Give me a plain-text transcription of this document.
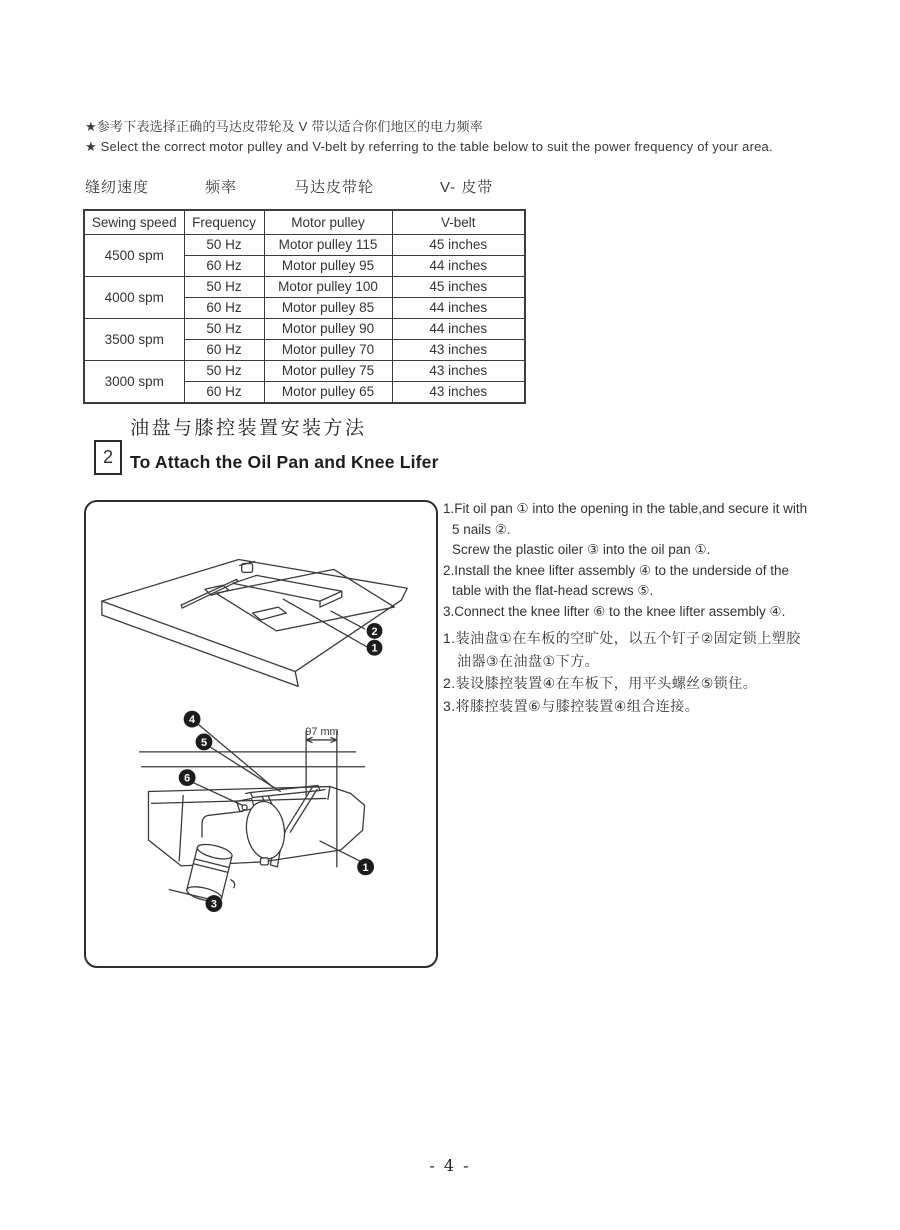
★参考下表选择正确的马达皮带轮及 V 带以适合你们地区的电力频率
★ Select the correct motor pulley and V-belt by referring to the table below to suit the power frequency of your area.
缝纫速度	频率	马达皮带轮	V- 皮带
Sewing speed	Frequency	Motor pulley	V-belt
4500 spm	50 Hz	Motor pulley 115	45 inches
	60 Hz	Motor pulley 95	44 inches
4000 spm	50 Hz	Motor pulley 100	45 inches
	60 Hz	Motor pulley 85	44 inches
3500 spm	50 Hz	Motor pulley 90	44 inches
	60 Hz	Motor pulley 70	43 inches
3000 spm	50 Hz	Motor pulley 75	43 inches
	60 Hz	Motor pulley 65	43 inches
2
油盘与膝控装置安装方法
To Attach the Oil Pan and Knee Lifer
2
1
97 mm
4
5
6
1
3
1.Fit oil pan ① into the opening in the table,and secure it with
5 nails ②.
Screw the plastic oiler ③ into the oil pan ①.
2.Install the knee lifter assembly ④ to the underside of the
table with the flat-head screws ⑤.
3.Connect the knee lifter ⑥ to the knee lifter assembly ④.
1.装油盘①在车板的空旷处，以五个钉子②固定锁上塑胶
油器③在油盘①下方。
2.装设膝控装置④在车板下，用平头螺丝⑤锁住。
3.将膝控装置⑥与膝控装置④组合连接。
- 4 -
